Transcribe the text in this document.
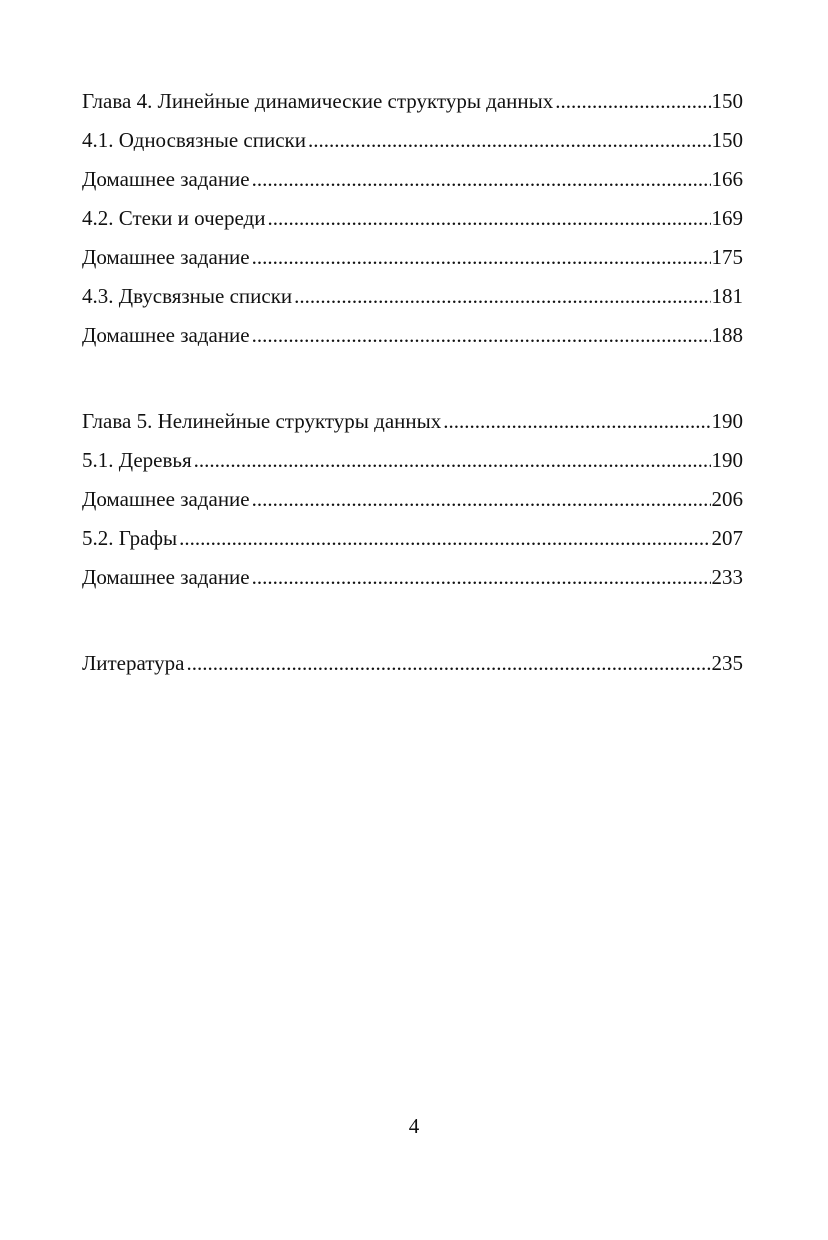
Глава 4. Линейные динамические структуры данных .....	150
4.1. Односвязные списки .....	150
Домашнее задание .....	166
4.2. Стеки и очереди .....	169
Домашнее задание .....	175
4.3. Двусвязные списки .....	181
Домашнее задание .....	188
Глава 5. Нелинейные структуры данных .....	190
5.1. Деревья .....	190
Домашнее задание .....	206
5.2. Графы .....	207
Домашнее задание .....	233
Литература .....	235
4
